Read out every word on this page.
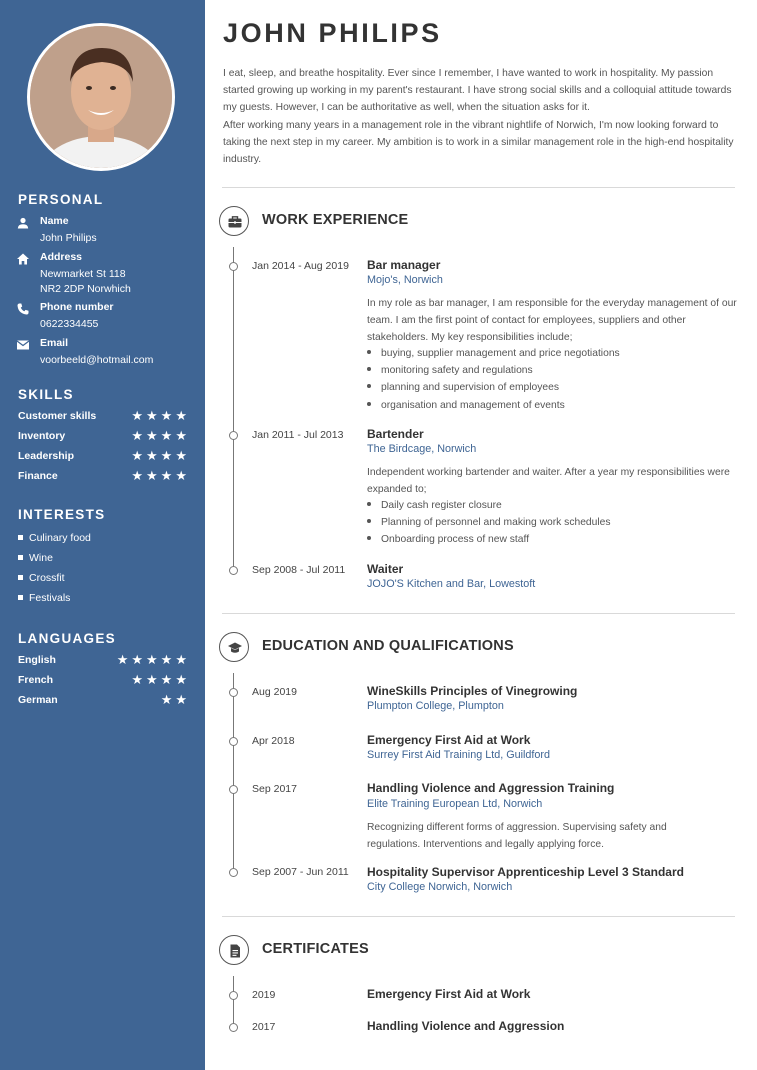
PERSONAL
Name
John Philips
Address
Newmarket St 118
NR2 2DP Norwhich
Phone number
0622334455
Email
voorbeeld@hotmail.com
SKILLS
Customer skills	★★★★
Inventory	★★★★
Leadership	★★★★
Finance	★★★★
INTERESTS
Culinary food
Wine
Crossfit
Festivals
LANGUAGES
English	★★★★★
French	★★★★
German	★★
JOHN PHILIPS
I eat, sleep, and breathe hospitality. Ever since I remember, I have wanted to work in hospitality. My passion started growing up working in my parent's restaurant. I have strong social skills and a colloquial attitude towards my guests. However, I can be authoritative as well, when the situation asks for it.
After working many years in a management role in the vibrant nightlife of Norwich, I'm now looking forward to taking the next step in my career. My ambition is to work in a similar management role in the high-end hospitality industry.
WORK EXPERIENCE
Jan 2014 - Aug 2019 Bar manager
Mojo's, Norwich
In my role as bar manager, I am responsible for the everyday management of our team. I am the first point of contact for employees, suppliers and other stakeholders. My key responsibilities include;
buying, supplier management and price negotiations
monitoring safety and regulations
planning and supervision of employees
organisation and management of events
Jan 2011 - Jul 2013 Bartender
The Birdcage, Norwich
Independent working bartender and waiter. After a year my responsibilities were expanded to;
Daily cash register closure
Planning of personnel and making work schedules
Onboarding process of new staff
Sep 2008 - Jul 2011 Waiter
JOJO'S Kitchen and Bar, Lowestoft
EDUCATION AND QUALIFICATIONS
Aug 2019	WineSkills Principles of Vinegrowing
Plumpton College, Plumpton
Apr 2018	Emergency First Aid at Work
Surrey First Aid Training Ltd, Guildford
Sep 2017	Handling Violence and Aggression Training
Elite Training European Ltd, Norwich
Recognizing different forms of aggression. Supervising safety and regulations. Interventions and legally applying force.
Sep 2007 - Jun 2011 Hospitality Supervisor Apprenticeship Level 3 Standard
City College Norwich, Norwich
CERTIFICATES
2019	Emergency First Aid at Work
2017	Handling Violence and Aggression
